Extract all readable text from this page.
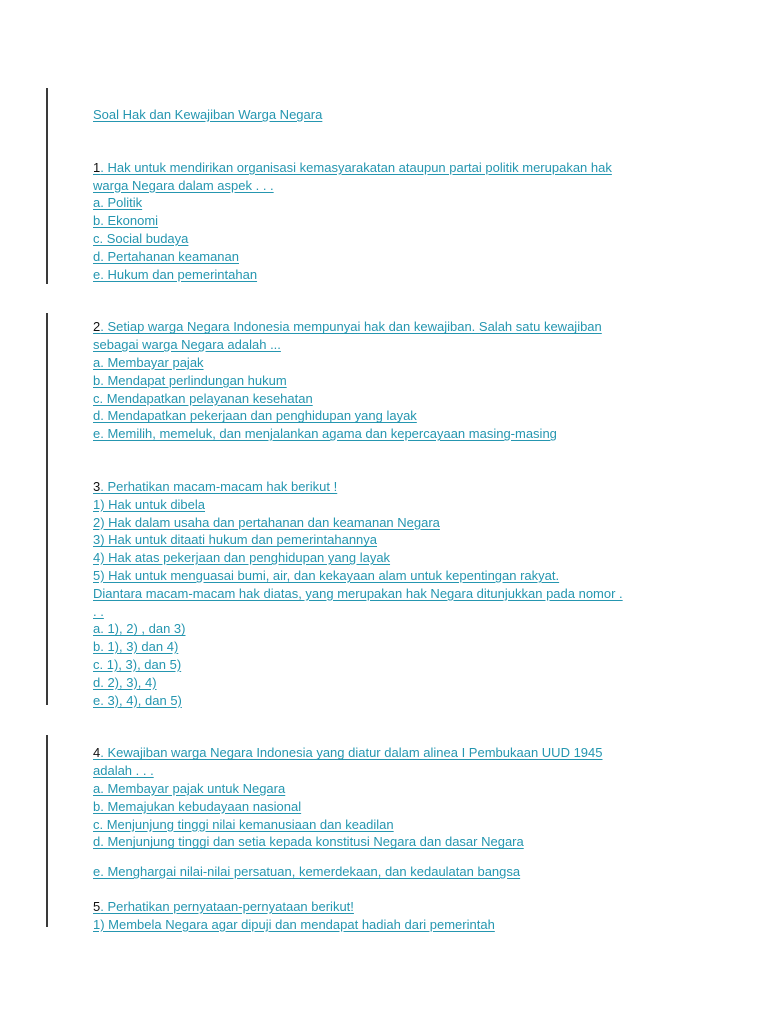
Soal Hak dan Kewajiban Warga Negara
1. Hak untuk mendirikan organisasi kemasyarakatan ataupun partai politik merupakan hak
warga Negara dalam aspek . . .
a. Politik
b. Ekonomi
c. Social budaya
d. Pertahanan keamanan
e. Hukum dan pemerintahan
2. Setiap warga Negara Indonesia mempunyai hak dan kewajiban. Salah satu kewajiban
sebagai warga Negara adalah ...
a. Membayar pajak
b. Mendapat perlindungan hukum
c. Mendapatkan pelayanan kesehatan
d. Mendapatkan pekerjaan dan penghidupan yang layak
e. Memilih, memeluk, dan menjalankan agama dan kepercayaan masing-masing
3. Perhatikan macam-macam hak berikut !
1) Hak untuk dibela
2) Hak dalam usaha dan pertahanan dan keamanan Negara
3) Hak untuk ditaati hukum dan pemerintahannya
4) Hak atas pekerjaan dan penghidupan yang layak
5) Hak untuk menguasai bumi, air, dan kekayaan alam untuk kepentingan rakyat.
Diantara macam-macam hak diatas, yang merupakan hak Negara ditunjukkan pada nomor .
. .
a. 1), 2) , dan 3)
b. 1), 3) dan 4)
c. 1), 3), dan 5)
d. 2), 3), 4)
e. 3), 4), dan 5)
4. Kewajiban warga Negara Indonesia yang diatur dalam alinea I Pembukaan UUD 1945
adalah . . .
a. Membayar pajak untuk Negara
b. Memajukan kebudayaan nasional
c. Menjunjung tinggi nilai kemanusiaan dan keadilan
d. Menjunjung tinggi dan setia kepada konstitusi Negara dan dasar Negara
e. Menghargai nilai-nilai persatuan, kemerdekaan, dan kedaulatan bangsa
5. Perhatikan pernyataan-pernyataan berikut!
1) Membela Negara agar dipuji dan mendapat hadiah dari pemerintah
